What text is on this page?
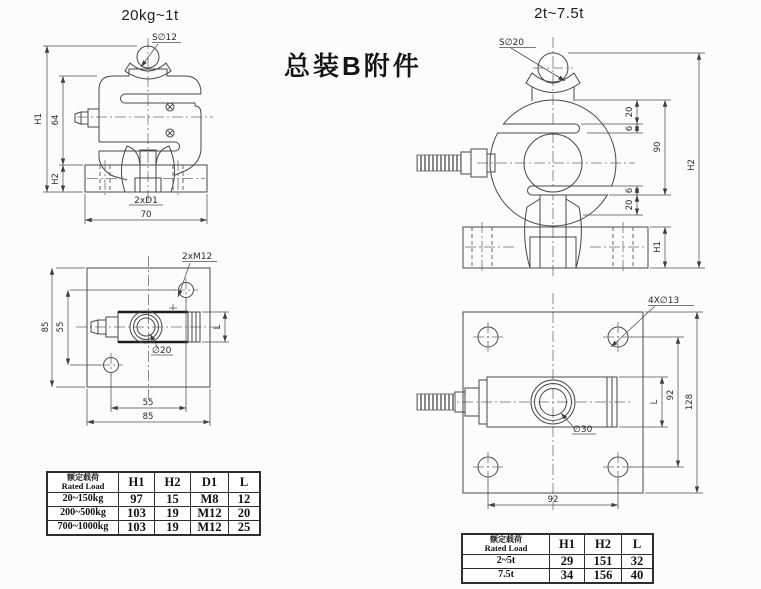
20kg~1t	2t~7.5t
总装B附件
S∅12
H1 64
H2
70
2xD1
2xM12
∅20
85 55
55
85
L
S∅20
20
6
6
20
90
H1
H2
4X∅13
∅30
92
L
92 128
额定载荷
Rated Load	H1	H2	D1	L
20~150kg	97	15	M8	12
200~500kg	103	19	M12	20
700~1000kg	103	19	M12	25
额定载荷
Rated Load	H1	H2	L
2~5t	29	151	32
7.5t	34	156	40
